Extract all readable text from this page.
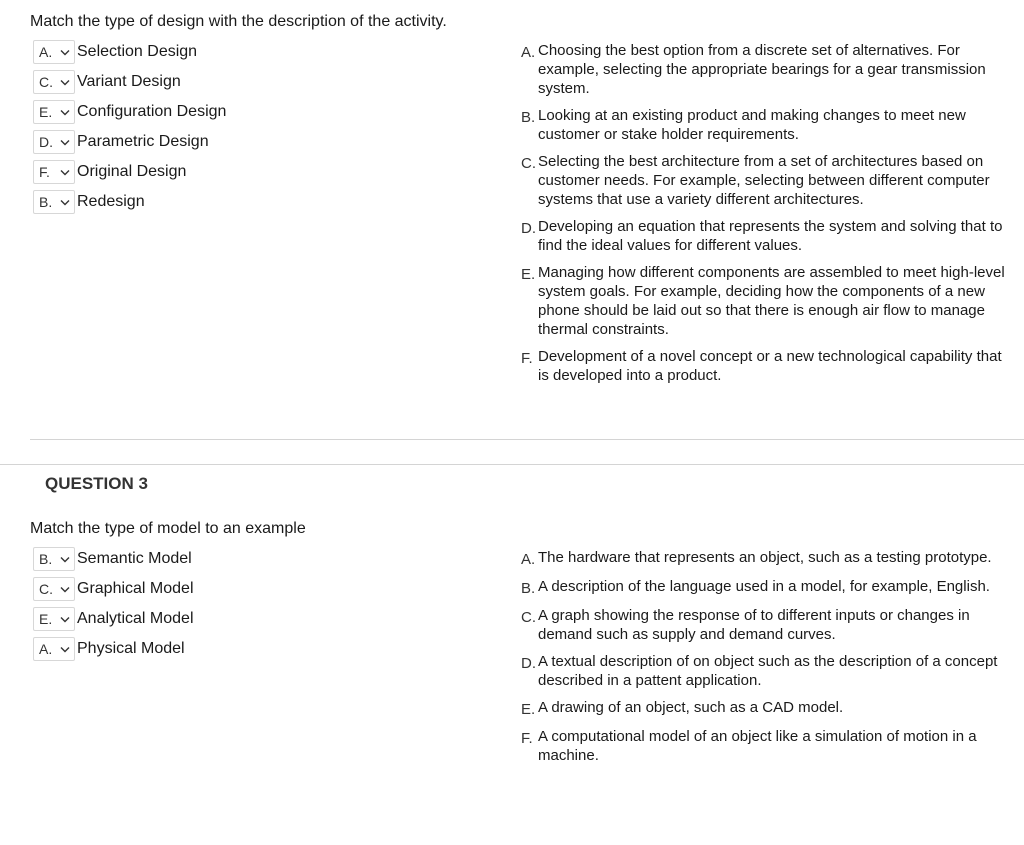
Match the type of design with the description of the activity.
A. Selection Design
C. Variant Design
E. Configuration Design
D. Parametric Design
F. Original Design
B. Redesign
A. Choosing the best option from a discrete set of alternatives. For example, selecting the appropriate bearings for a gear transmission system.
B. Looking at an existing product and making changes to meet new customer or stake holder requirements.
C. Selecting the best architecture from a set of architectures based on customer needs. For example, selecting between different computer systems that use a variety different architectures.
D. Developing an equation that represents the system and solving that to find the ideal values for different values.
E. Managing how different components are assembled to meet high-level system goals. For example, deciding how the components of a new phone should be laid out so that there is enough air flow to manage thermal constraints.
F. Development of a novel concept or a new technological capability that is developed into a product.
QUESTION 3
Match the type of model to an example
B. Semantic Model
C. Graphical Model
E. Analytical Model
A. Physical Model
A. The hardware that represents an object, such as a testing prototype.
B. A description of the language used in a model, for example, English.
C. A graph showing the response of to different inputs or changes in demand such as supply and demand curves.
D. A textual description of on object such as the description of a concept described in a pattent application.
E. A drawing of an object, such as a CAD model.
F. A computational model of an object like a simulation of motion in a machine.
